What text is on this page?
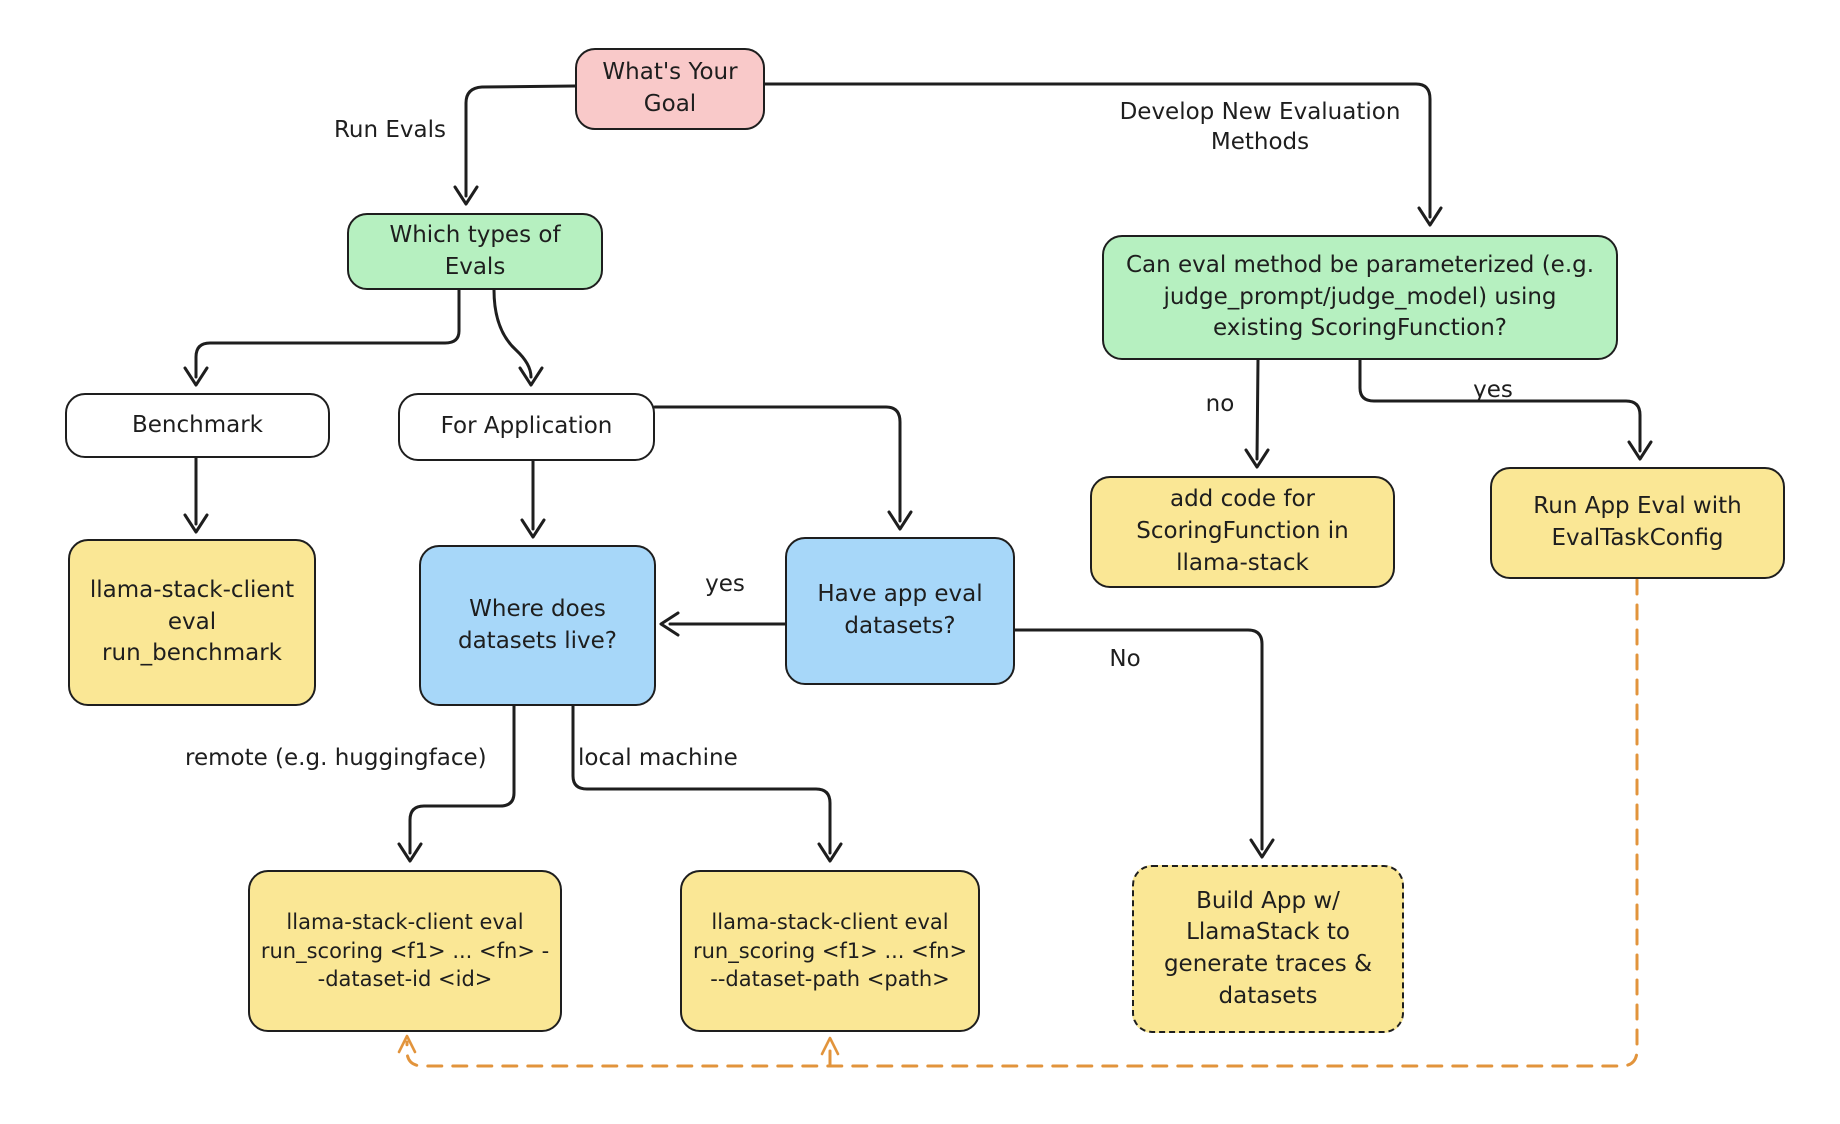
What's Your Goal
Which types of Evals
Benchmark	For Application
llama-stack-client eval run_benchmark
Where does datasets live?
Have app eval datasets?
llama-stack-client eval run_scoring <f1> ... <fn> --dataset-id <id>
llama-stack-client eval run_scoring <f1> ... <fn> --dataset-path <path>
Build App w/ LlamaStack to generate traces & datasets
Can eval method be parameterized (e.g. judge_prompt/judge_model) using existing ScoringFunction?
add code for ScoringFunction in llama-stack
Run App Eval with EvalTaskConfig
Run Evals
Develop New Evaluation Methods
yes
No
remote (e.g. huggingface)	local machine
no
yes
